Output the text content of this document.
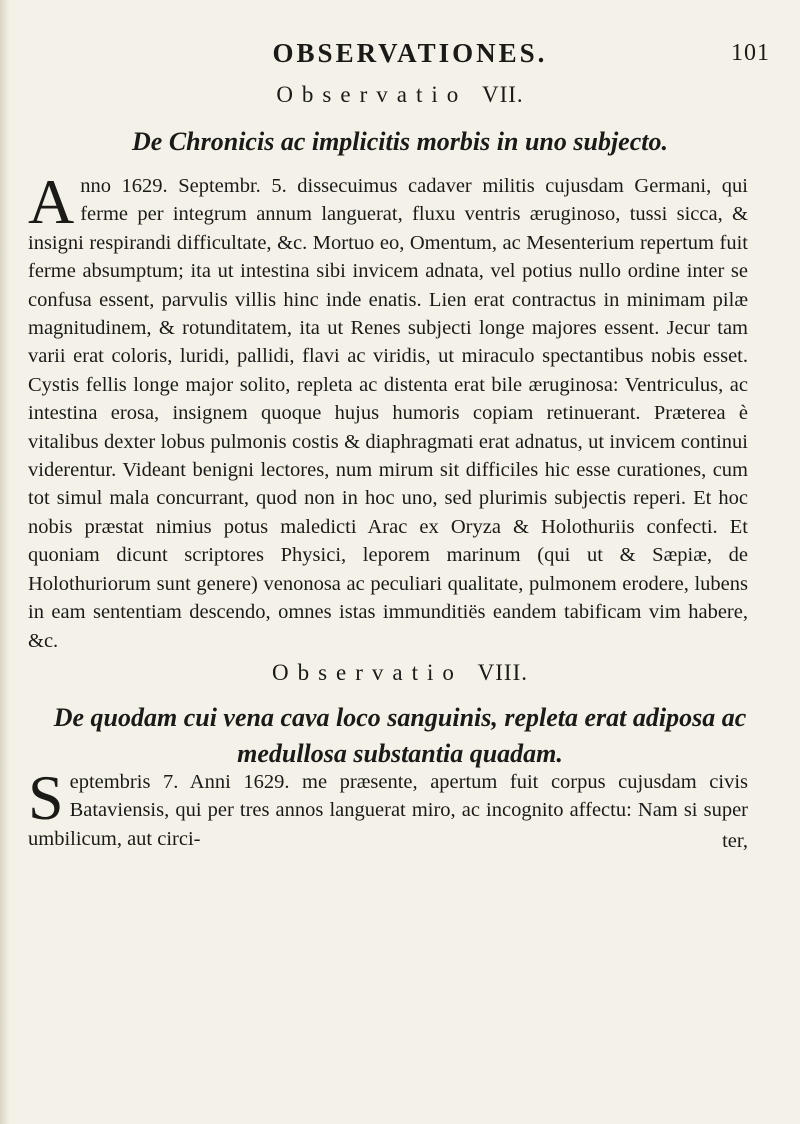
OBSERVATIONES.	101
Observatio VII.
De Chronicis ac implicitis morbis in uno subjecto.

A nno 1629. Septembr. 5. dissecuimus cadaver militis cujusdam Germani, qui ferme per integrum annum languerat, fluxu ventris æruginoso, tussi sicca, & insigni respirandi difficultate, &c. Mortuo eo, Omentum, ac Mesenterium repertum fuit ferme absumptum; ita ut intestina sibi invicem adnata, vel potius nullo ordine inter se confusa essent, parvulis villis hinc inde enatis. Lien erat contractus in minimam pilæ magnitudinem, & rotunditatem, ita ut Renes subjecti longe majores essent. Jecur tam varii erat coloris, luridi, pallidi, flavi ac viridis, ut miraculo spectantibus nobis esset. Cystis fellis longe major solito, repleta ac distenta erat bile æruginosa: Ventriculus, ac intestina erosa, insignem quoque hujus humoris copiam retinuerant. Præterea è vitalibus dexter lobus pulmonis costis & diaphragmati erat adnatus, ut invicem continui viderentur. Videant benigni lectores, num mirum sit difficiles hic esse curationes, cum tot simul mala concurrant, quod non in hoc uno, sed plurimis subjectis reperi. Et hoc nobis præstat nimius potus maledicti Arac ex Oryza & Holothuriis confecti. Et quoniam dicunt scriptores Physici, leporem marinum (qui ut & Sæpiæ, de Holothuriorum sunt genere) venonosa ac peculiari qualitate, pulmonem erodere, lubens in eam sententiam descendo, omnes istas immunditiës eandem tabificam vim habere, &c.

Observatio VIII.
De quodam cui vena cava loco sanguinis, repleta erat adiposa ac medullosa substantia quadam.

S eptembris 7. Anni 1629. me præsente, apertum fuit corpus cujusdam civis Bataviensis, qui per tres annos languerat miro, ac incognito affectu: Nam si super umbilicum, aut circi-	ter,
